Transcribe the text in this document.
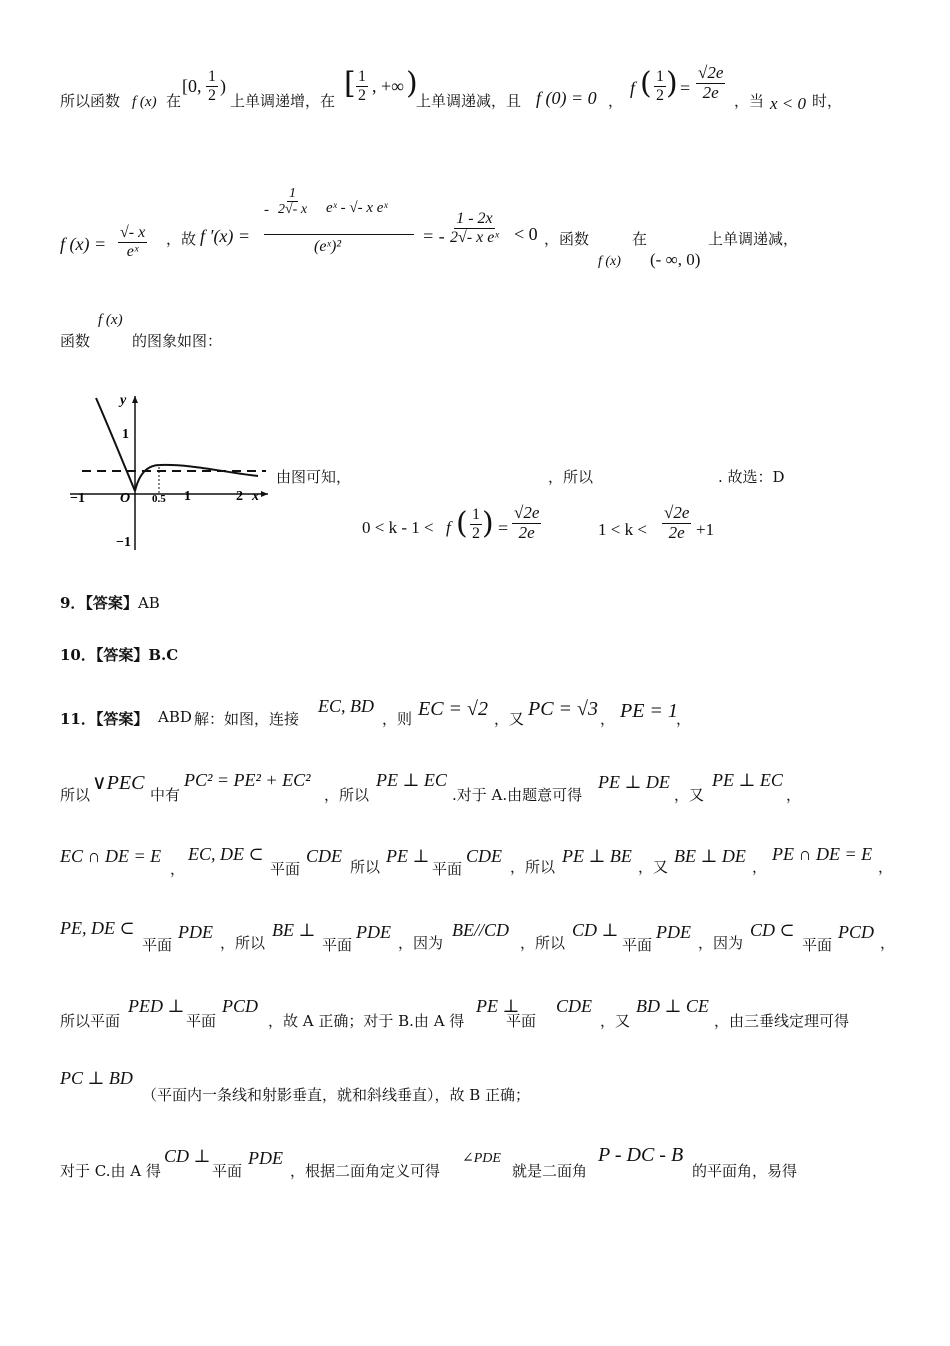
所以函数 f (x) 在
[0, $\frac{1}{2}$ )
上单调递增，在 [ $\frac{1}{2}$ , +∞ )
上单调递减，且 f (0) = 0 ，
f ( $\frac{1}{2}$ ) = $\frac{√2e}{2e}$ ，当 x < 0 时，
f $(x) = \frac{√- x}{\text{eˣ}}$ ，故 f ′(x) =
- $\frac{1}{2√- x}$ eˣ - √- x eˣ
(eˣ)²
= - $\frac{1 - 2x}{\text{2√- x eˣ}} < 0$ ，函数	在	上单调递减，
f (x) (- ∞, 0)
函数
f (x)
的图象如图：
y
x
O
1
−1
−1	0.5 1	2
由图可知，	，所以	. 故选：D
0 < k - 1 < f ( $\frac{1}{2}$ ) = $\frac{√2e}{2e}$	$1 < k < \frac{√2e}{2e} +1$
9．【答案】AB
10．【答案】B.C
11．【答案】 ABD 解：如图，连接
EC, BD
，则 EC = √2 ，又 PC = √3 ， PE = 1
，
所以
∨PEC
中有
PC² = PE² + EC²
，所以
PE ⊥ EC
.对于 A.由题意可得
PE ⊥ DE
，又
PE ⊥ EC
，
EC ∩ DE = E
，
EC, DE ⊂
平面
CDE
所以
PE ⊥
平面
CDE
，所以
PE ⊥ BE
，又
BE ⊥ DE
，
PE ∩ DE = E
，
PE, DE ⊂
平面
PDE
，所以
BE ⊥
平面
PDE
，因为
BE//CD
，所以
CD ⊥
平面
PDE
，因为
CD ⊂
平面
PCD
，
所以平面
PED ⊥
平面
PCD
，故 A 正确；对于 B.由 A 得
PE ⊥
平面
CDE
，又
BD ⊥ CE
，由三垂线定理可得
PC ⊥ BD
（平面内一条线和射影垂直，就和斜线垂直），故 B 正确；
对于 C.由 A 得
CD ⊥
平面
PDE
，根据二面角定义可得
∠PDE
就是二面角
P - DC - B
的平面角，易得
